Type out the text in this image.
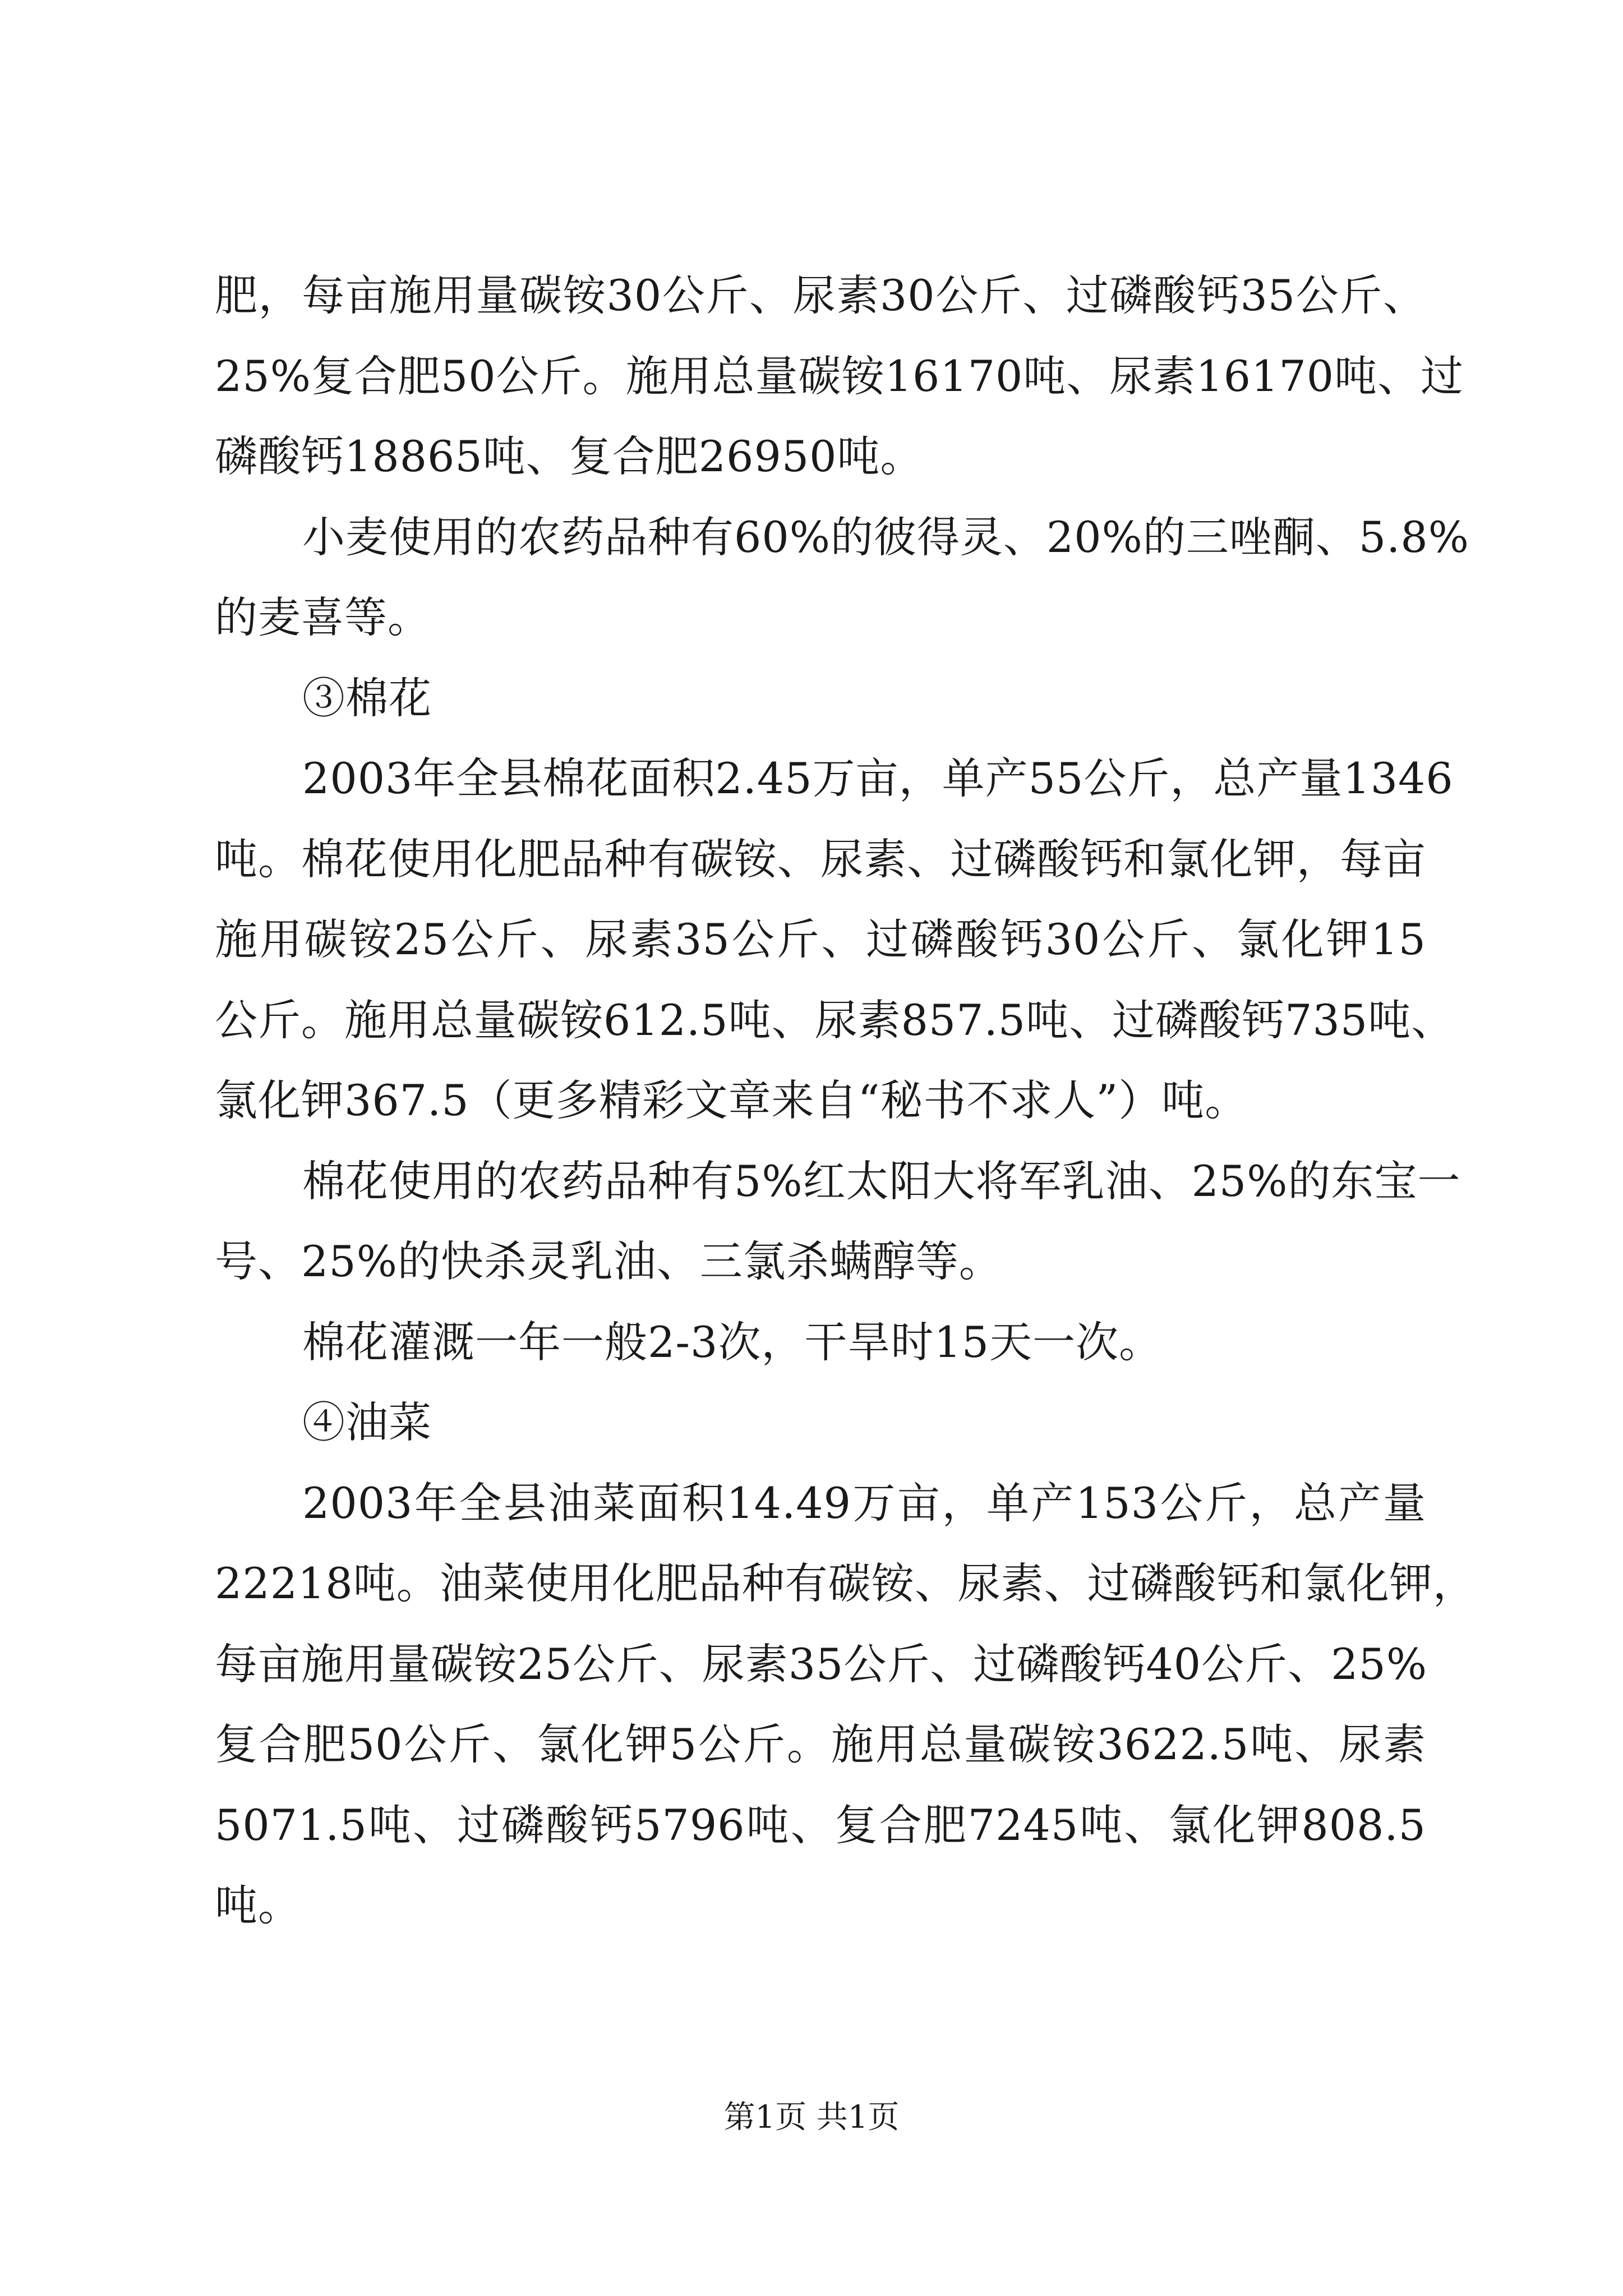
肥，每亩施用量碳铵30公斤、尿素30公斤、过磷酸钙35公斤、
25%复合肥50公斤。施用总量碳铵16170吨、尿素16170吨、过
磷酸钙18865吨、复合肥26950吨。
小麦使用的农药品种有60%的彼得灵、20%的三唑酮、5.8%
的麦喜等。
③棉花
2003年全县棉花面积2.45万亩，单产55公斤，总产量1346
吨。棉花使用化肥品种有碳铵、尿素、过磷酸钙和氯化钾，每亩
施用碳铵25公斤、尿素35公斤、过磷酸钙30公斤、氯化钾15
公斤。施用总量碳铵612.5吨、尿素857.5吨、过磷酸钙735吨、
氯化钾367.5（更多精彩文章来自“秘书不求人”）吨。
棉花使用的农药品种有5%红太阳大将军乳油、25%的东宝一
号、25%的快杀灵乳油、三氯杀螨醇等。
棉花灌溉一年一般2-3次，干旱时15天一次。
④油菜
2003年全县油菜面积14.49万亩，单产153公斤，总产量
22218吨。油菜使用化肥品种有碳铵、尿素、过磷酸钙和氯化钾，
每亩施用量碳铵25公斤、尿素35公斤、过磷酸钙40公斤、25%
复合肥50公斤、氯化钾5公斤。施用总量碳铵3622.5吨、尿素
5071.5吨、过磷酸钙5796吨、复合肥7245吨、氯化钾808.5
吨。
第1页 共1页
